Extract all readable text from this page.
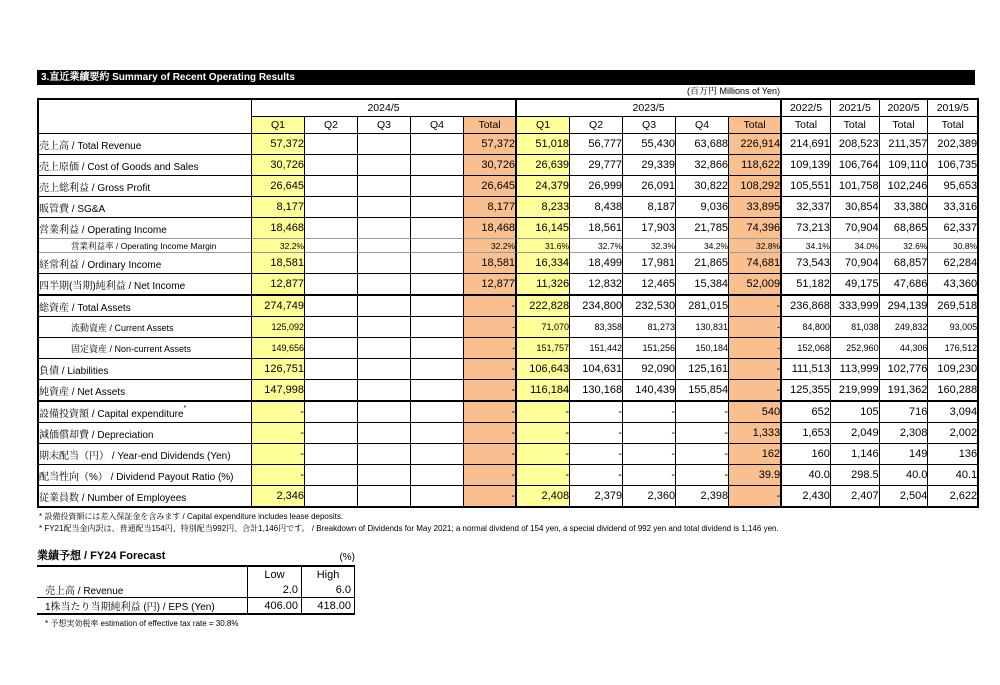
3.直近業績要約 Summary of Recent Operating Results
(百万円 Millions of Yen)
	2024/5					2023/5					2022/5	2021/5	2020/5	2019/5
	Q1	Q2	Q3	Q4	Total	Q1	Q2	Q3	Q4	Total	Total	Total	Total	Total
売上高 / Total Revenue	57,372				57,372	51,018	56,777	55,430	63,688	226,914	214,691	208,523	211,357	202,389
売上原価 / Cost of Goods and Sales	30,726				30,726	26,639	29,777	29,339	32,866	118,622	109,139	106,764	109,110	106,735
売上総利益 / Gross Profit	26,645				26,645	24,379	26,999	26,091	30,822	108,292	105,551	101,758	102,246	95,653
販管費 / SG&A	8,177				8,177	8,233	8,438	8,187	9,036	33,895	32,337	30,854	33,380	33,316
営業利益 / Operating Income	18,468				18,468	16,145	18,561	17,903	21,785	74,396	73,213	70,904	68,865	62,337
営業利益率 / Operating Income Margin	32.2%				32.2%	31.6%	32.7%	32.3%	34.2%	32.8%	34.1%	34.0%	32.6%	30.8%
経常利益 / Ordinary Income	18,581				18,581	16,334	18,499	17,981	21,865	74,681	73,543	70,904	68,857	62,284
四半期(当期)純利益 / Net Income	12,877				12,877	11,326	12,832	12,465	15,384	52,009	51,182	49,175	47,686	43,360
総資産 / Total Assets	274,749				-	222,828	234,800	232,530	281,015	-	236,868	333,999	294,139	269,518
流動資産 / Current Assets	125,092				-	71,070	83,358	81,273	130,831	-	84,800	81,038	249,832	93,005
固定資産 / Non-current Assets	149,656				-	151,757	151,442	151,256	150,184	-	152,068	252,960	44,306	176,512
負債 / Liabilities	126,751				-	106,643	104,631	92,090	125,161	-	111,513	113,999	102,776	109,230
純資産 / Net Assets	147,998				-	116,184	130,168	140,439	155,854	-	125,355	219,999	191,362	160,288
設備投資額 / Capital expenditure*	-				-	-	-	-	-	540	652	105	716	3,094
減価償却費 / Depreciation	-				-	-	-	-	-	1,333	1,653	2,049	2,308	2,002
期末配当（円） / Year-end Dividends (Yen)	-				-	-	-	-	-	162	160	1,146	149	136
配当性向（%） / Dividend Payout Ratio (%)	-				-	-	-	-	-	39.9	40.0	298.5	40.0	40.1
従業員数 / Number of Employees	2,346				-	2,408	2,379	2,360	2,398	-	2,430	2,407	2,504	2,622
* 設備投資額には差入保証金を含みます / Capital expenditure includes lease deposits.
* FY21配当金内訳は、普通配当154円、特別配当992円、合計1,146円です。 / Breakdown of Dividends for May 2021; a normal dividend of 154 yen, a special dividend of 992 yen and total dividend is 1,146 yen.
業績予想 / FY24 Forecast	(%)
	Low	High
売上高 / Revenue	2.0	6.0
1株当たり当期純利益 (円) / EPS (Yen)	406.00	418.00
* 予想実効税率 estimation of effective tax rate = 30.8%
